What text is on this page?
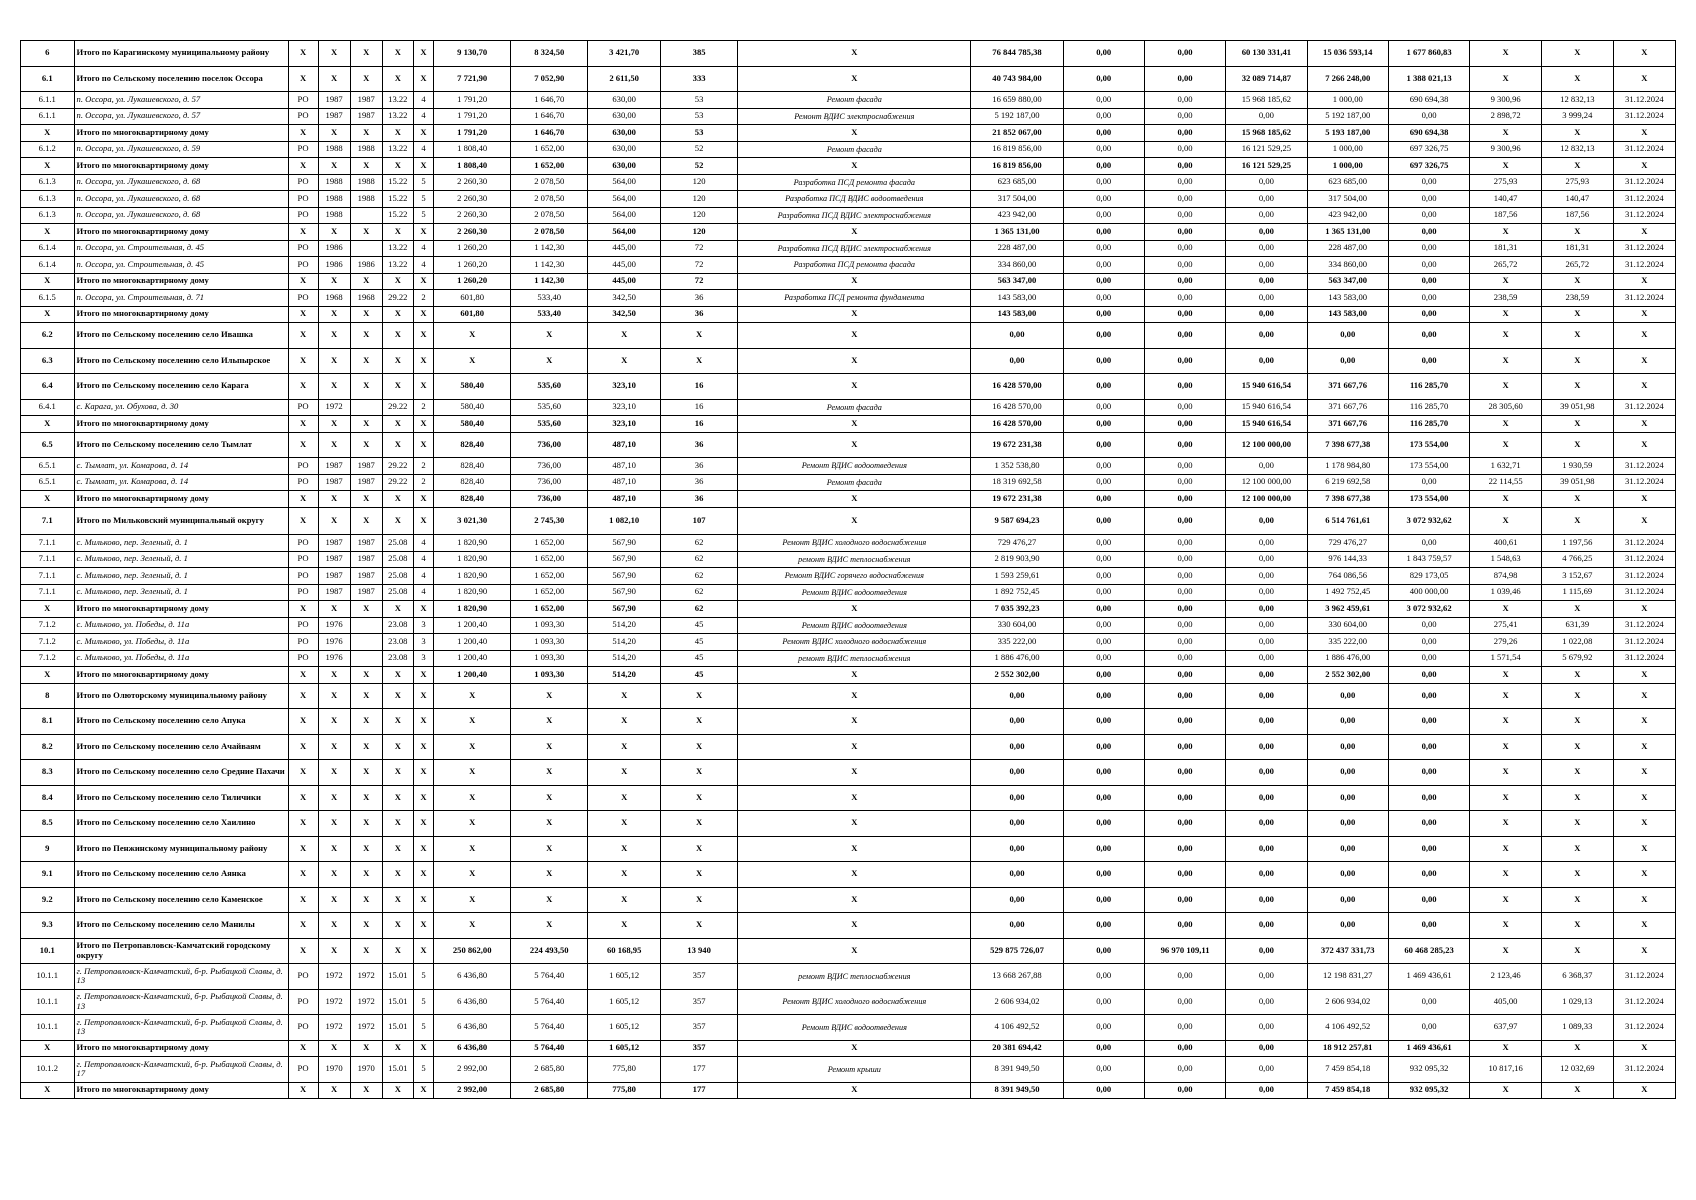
6	Итого по Карагинскому муниципальному району	X	X	X	X	X	9 130,70	8 324,50	3 421,70	385	X	76 844 785,38	0,00	0,00	60 130 331,41	15 036 593,14	1 677 860,83	X	X	X
6.1	Итого по Сельскому поселению поселок Оссора	X	X	X	X	X	7 721,90	7 052,90	2 611,50	333	X	40 743 984,00	0,00	0,00	32 089 714,87	7 266 248,00	1 388 021,13	X	X	X
6.1.1	п. Оссора, ул. Лукашевского, д. 57	РО	1987	1987	13.22	4	1 791,20	1 646,70	630,00	53	Ремонт фасада	16 659 880,00	0,00	0,00	15 968 185,62	1 000,00	690 694,38	9 300,96	12 832,13	31.12.2024
6.1.1	п. Оссора, ул. Лукашевского, д. 57	РО	1987	1987	13.22	4	1 791,20	1 646,70	630,00	53	Ремонт ВДИС электроснабжения	5 192 187,00	0,00	0,00	0,00	5 192 187,00	0,00	2 898,72	3 999,24	31.12.2024
X	Итого по многоквартирному дому	X	X	X	X	X	1 791,20	1 646,70	630,00	53	X	21 852 067,00	0,00	0,00	15 968 185,62	5 193 187,00	690 694,38	X	X	X
6.1.2	п. Оссора, ул. Лукашевского, д. 59	РО	1988	1988	13.22	4	1 808,40	1 652,00	630,00	52	Ремонт фасада	16 819 856,00	0,00	0,00	16 121 529,25	1 000,00	697 326,75	9 300,96	12 832,13	31.12.2024
X	Итого по многоквартирному дому	X	X	X	X	X	1 808,40	1 652,00	630,00	52	X	16 819 856,00	0,00	0,00	16 121 529,25	1 000,00	697 326,75	X	X	X
6.1.3	п. Оссора, ул. Лукашевского, д. 68	РО	1988	1988	15.22	5	2 260,30	2 078,50	564,00	120	Разработка ПСД ремонта фасада	623 685,00	0,00	0,00	0,00	623 685,00	0,00	275,93	275,93	31.12.2024
6.1.3	п. Оссора, ул. Лукашевского, д. 68	РО	1988	1988	15.22	5	2 260,30	2 078,50	564,00	120	Разработка ПСД ВДИС водоотведения	317 504,00	0,00	0,00	0,00	317 504,00	0,00	140,47	140,47	31.12.2024
6.1.3	п. Оссора, ул. Лукашевского, д. 68	РО	1988		15.22	5	2 260,30	2 078,50	564,00	120	Разработка ПСД ВДИС электроснабжения	423 942,00	0,00	0,00	0,00	423 942,00	0,00	187,56	187,56	31.12.2024
X	Итого по многоквартирному дому	X	X	X	X	X	2 260,30	2 078,50	564,00	120	X	1 365 131,00	0,00	0,00	0,00	1 365 131,00	0,00	X	X	X
6.1.4	п. Оссора, ул. Строительная, д. 45	РО	1986		13.22	4	1 260,20	1 142,30	445,00	72	Разработка ПСД ВДИС электроснабжения	228 487,00	0,00	0,00	0,00	228 487,00	0,00	181,31	181,31	31.12.2024
6.1.4	п. Оссора, ул. Строительная, д. 45	РО	1986	1986	13.22	4	1 260,20	1 142,30	445,00	72	Разработка ПСД ремонта фасада	334 860,00	0,00	0,00	0,00	334 860,00	0,00	265,72	265,72	31.12.2024
X	Итого по многоквартирному дому	X	X	X	X	X	1 260,20	1 142,30	445,00	72	X	563 347,00	0,00	0,00	0,00	563 347,00	0,00	X	X	X
6.1.5	п. Оссора, ул. Строительная, д. 71	РО	1968	1968	29.22	2	601,80	533,40	342,50	36	Разработка ПСД ремонта фундамента	143 583,00	0,00	0,00	0,00	143 583,00	0,00	238,59	238,59	31.12.2024
X	Итого по многоквартирному дому	X	X	X	X	X	601,80	533,40	342,50	36	X	143 583,00	0,00	0,00	0,00	143 583,00	0,00	X	X	X
6.2	Итого по Сельскому поселению село Ивашка	X	X	X	X	X	X	X	X	X	X	0,00	0,00	0,00	0,00	0,00	0,00	X	X	X
6.3	Итого по Сельскому поселению село Ильпырское	X	X	X	X	X	X	X	X	X	X	0,00	0,00	0,00	0,00	0,00	0,00	X	X	X
6.4	Итого по Сельскому поселению село Карага	X	X	X	X	X	580,40	535,60	323,10	16	X	16 428 570,00	0,00	0,00	15 940 616,54	371 667,76	116 285,70	X	X	X
6.4.1	с. Карага, ул. Обухова, д. 30	РО	1972		29.22	2	580,40	535,60	323,10	16	Ремонт фасада	16 428 570,00	0,00	0,00	15 940 616,54	371 667,76	116 285,70	28 305,60	39 051,98	31.12.2024
X	Итого по многоквартирному дому	X	X	X	X	X	580,40	535,60	323,10	16	X	16 428 570,00	0,00	0,00	15 940 616,54	371 667,76	116 285,70	X	X	X
6.5	Итого по Сельскому поселению село Тымлат	X	X	X	X	X	828,40	736,00	487,10	36	X	19 672 231,38	0,00	0,00	12 100 000,00	7 398 677,38	173 554,00	X	X	X
6.5.1	с. Тымлат, ул. Комарова, д. 14	РО	1987	1987	29.22	2	828,40	736,00	487,10	36	Ремонт ВДИС водоотведения	1 352 538,80	0,00	0,00	0,00	1 178 984,80	173 554,00	1 632,71	1 930,59	31.12.2024
6.5.1	с. Тымлат, ул. Комарова, д. 14	РО	1987	1987	29.22	2	828,40	736,00	487,10	36	Ремонт фасада	18 319 692,58	0,00	0,00	12 100 000,00	6 219 692,58	0,00	22 114,55	39 051,98	31.12.2024
X	Итого по многоквартирному дому	X	X	X	X	X	828,40	736,00	487,10	36	X	19 672 231,38	0,00	0,00	12 100 000,00	7 398 677,38	173 554,00	X	X	X
7.1	Итого по Мильковский муниципальный округу	X	X	X	X	X	3 021,30	2 745,30	1 082,10	107	X	9 587 694,23	0,00	0,00	0,00	6 514 761,61	3 072 932,62	X	X	X
7.1.1	с. Мильково, пер. Зеленый, д. 1	РО	1987	1987	25.08	4	1 820,90	1 652,00	567,90	62	Ремонт ВДИС холодного водоснабжения	729 476,27	0,00	0,00	0,00	729 476,27	0,00	400,61	1 197,56	31.12.2024
7.1.1	с. Мильково, пер. Зеленый, д. 1	РО	1987	1987	25.08	4	1 820,90	1 652,00	567,90	62	ремонт ВДИС теплоснабжения	2 819 903,90	0,00	0,00	0,00	976 144,33	1 843 759,57	1 548,63	4 766,25	31.12.2024
7.1.1	с. Мильково, пер. Зеленый, д. 1	РО	1987	1987	25.08	4	1 820,90	1 652,00	567,90	62	Ремонт ВДИС горячего водоснабжения	1 593 259,61	0,00	0,00	0,00	764 086,56	829 173,05	874,98	3 152,67	31.12.2024
7.1.1	с. Мильково, пер. Зеленый, д. 1	РО	1987	1987	25.08	4	1 820,90	1 652,00	567,90	62	Ремонт ВДИС водоотведения	1 892 752,45	0,00	0,00	0,00	1 492 752,45	400 000,00	1 039,46	1 115,69	31.12.2024
X	Итого по многоквартирному дому	X	X	X	X	X	1 820,90	1 652,00	567,90	62	X	7 035 392,23	0,00	0,00	0,00	3 962 459,61	3 072 932,62	X	X	X
7.1.2	с. Мильково, ул. Победы, д. 11а	РО	1976		23.08	3	1 200,40	1 093,30	514,20	45	Ремонт ВДИС водоотведения	330 604,00	0,00	0,00	0,00	330 604,00	0,00	275,41	631,39	31.12.2024
7.1.2	с. Мильково, ул. Победы, д. 11а	РО	1976		23.08	3	1 200,40	1 093,30	514,20	45	Ремонт ВДИС холодного водоснабжения	335 222,00	0,00	0,00	0,00	335 222,00	0,00	279,26	1 022,08	31.12.2024
7.1.2	с. Мильково, ул. Победы, д. 11а	РО	1976		23.08	3	1 200,40	1 093,30	514,20	45	ремонт ВДИС теплоснабжения	1 886 476,00	0,00	0,00	0,00	1 886 476,00	0,00	1 571,54	5 679,92	31.12.2024
X	Итого по многоквартирному дому	X	X	X	X	X	1 200,40	1 093,30	514,20	45	X	2 552 302,00	0,00	0,00	0,00	2 552 302,00	0,00	X	X	X
8	Итого по Олюторскому муниципальному району	X	X	X	X	X	X	X	X	X	X	0,00	0,00	0,00	0,00	0,00	0,00	X	X	X
8.1	Итого по Сельскому поселению село Апука	X	X	X	X	X	X	X	X	X	X	0,00	0,00	0,00	0,00	0,00	0,00	X	X	X
8.2	Итого по Сельскому поселению село Ачайваям	X	X	X	X	X	X	X	X	X	X	0,00	0,00	0,00	0,00	0,00	0,00	X	X	X
8.3	Итого по Сельскому поселению село Средние Пахачи	X	X	X	X	X	X	X	X	X	X	0,00	0,00	0,00	0,00	0,00	0,00	X	X	X
8.4	Итого по Сельскому поселению село Тиличики	X	X	X	X	X	X	X	X	X	X	0,00	0,00	0,00	0,00	0,00	0,00	X	X	X
8.5	Итого по Сельскому поселению село Хаилино	X	X	X	X	X	X	X	X	X	X	0,00	0,00	0,00	0,00	0,00	0,00	X	X	X
9	Итого по Пенжинскому муниципальному району	X	X	X	X	X	X	X	X	X	X	0,00	0,00	0,00	0,00	0,00	0,00	X	X	X
9.1	Итого по Сельскому поселению село Аянка	X	X	X	X	X	X	X	X	X	X	0,00	0,00	0,00	0,00	0,00	0,00	X	X	X
9.2	Итого по Сельскому поселению село Каменское	X	X	X	X	X	X	X	X	X	X	0,00	0,00	0,00	0,00	0,00	0,00	X	X	X
9.3	Итого по Сельскому поселению село Манилы	X	X	X	X	X	X	X	X	X	X	0,00	0,00	0,00	0,00	0,00	0,00	X	X	X
10.1	Итого по Петропавловск-Камчатский городскому округу	X	X	X	X	X	250 862,00	224 493,50	60 168,95	13 940	X	529 875 726,07	0,00	96 970 109,11	0,00	372 437 331,73	60 468 285,23	X	X	X
10.1.1	г. Петропавловск-Камчатский, б-р. Рыбацкой Славы, д. 13	РО	1972	1972	15.01	5	6 436,80	5 764,40	1 605,12	357	ремонт ВДИС теплоснабжения	13 668 267,88	0,00	0,00	0,00	12 198 831,27	1 469 436,61	2 123,46	6 368,37	31.12.2024
10.1.1	г. Петропавловск-Камчатский, б-р. Рыбацкой Славы, д. 13	РО	1972	1972	15.01	5	6 436,80	5 764,40	1 605,12	357	Ремонт ВДИС холодного водоснабжения	2 606 934,02	0,00	0,00	0,00	2 606 934,02	0,00	405,00	1 029,13	31.12.2024
10.1.1	г. Петропавловск-Камчатский, б-р. Рыбацкой Славы, д. 13	РО	1972	1972	15.01	5	6 436,80	5 764,40	1 605,12	357	Ремонт ВДИС водоотведения	4 106 492,52	0,00	0,00	0,00	4 106 492,52	0,00	637,97	1 089,33	31.12.2024
X	Итого по многоквартирному дому	X	X	X	X	X	6 436,80	5 764,40	1 605,12	357	X	20 381 694,42	0,00	0,00	0,00	18 912 257,81	1 469 436,61	X	X	X
10.1.2	г. Петропавловск-Камчатский, б-р. Рыбацкой Славы, д. 17	РО	1970	1970	15.01	5	2 992,00	2 685,80	775,80	177	Ремонт крыши	8 391 949,50	0,00	0,00	0,00	7 459 854,18	932 095,32	10 817,16	12 032,69	31.12.2024
X	Итого по многоквартирному дому	X	X	X	X	X	2 992,00	2 685,80	775,80	177	X	8 391 949,50	0,00	0,00	0,00	7 459 854,18	932 095,32	X	X	X
